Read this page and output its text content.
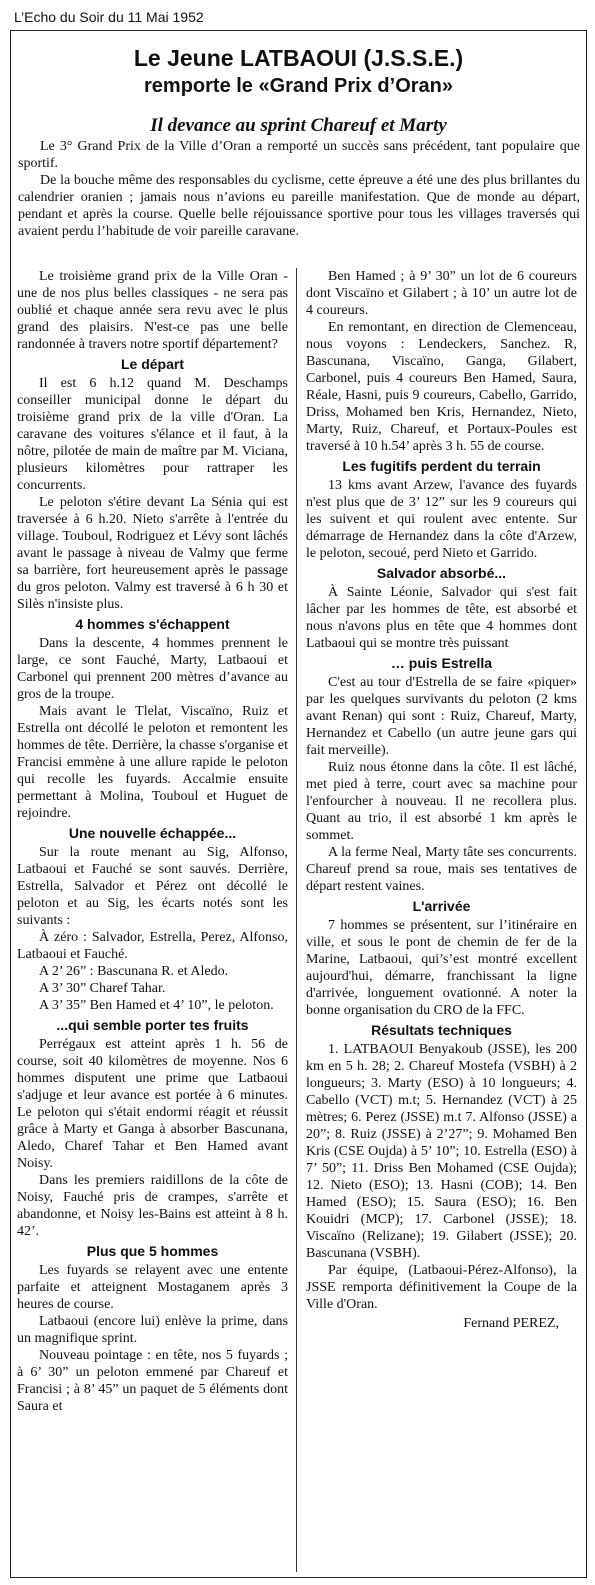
L’Echo du Soir du 11 Mai 1952
Le Jeune LATBAOUI (J.S.S.E.)
remporte le «Grand Prix d’Oran»
Il devance au sprint Chareuf et Marty

Le 3° Grand Prix de la Ville d’Oran a remporté un succès sans précédent, tant populaire que sportif.

De la bouche même des responsables du cyclisme, cette épreuve a été une des plus brillantes du calendrier oranien ; jamais nous n’avions eu pareille manifestation. Que de monde au départ, pendant et après la course. Quelle belle réjouissance sportive pour tous les villages traversés qui avaient perdu l’habitude de voir pareille caravane.

Le troisième grand prix de la Ville Oran - une de nos plus belles classiques - ne sera pas oublié et chaque année sera revu avec le plus grand des plaisirs. N'est-ce pas une belle randonnée à travers notre sportif département?

Le départ

Il est 6 h.12 quand M. Deschamps conseiller municipal donne le départ du troisième grand prix de la ville d'Oran. La caravane des voitures s'élance et il faut, à la nôtre, pilotée de main de maître par M. Viciana, plusieurs kilomètres pour rattraper les concurrents.

Le peloton s'étire devant La Sénia qui est traversée à 6 h.20. Nieto s'arrête à l'entrée du village. Touboul, Rodriguez et Lévy sont lâchés avant le passage à niveau de Valmy que ferme sa barrière, fort heureusement après le passage du gros peloton. Valmy est traversé à 6 h 30 et Silès n'insiste plus.

4 hommes s'échappent

Dans la descente, 4 hommes prennent le large, ce sont Fauché, Marty, Latbaoui et Carbonel qui prennent 200 mètres d’avance au gros de la troupe.

Mais avant le Tlelat, Viscaïno, Ruiz et Estrella ont décollé le peloton et remontent les hommes de tête. Derrière, la chasse s'organise et Francisi emmène à une allure rapide le peloton qui recolle les fuyards. Accalmie ensuite permettant à Molina, Touboul et Huguet de rejoindre.

Une nouvelle échappée...

Sur la route menant au Sig, Alfonso, Latbaoui et Fauché se sont sauvés. Derrière, Estrella, Salvador et Pérez ont décollé le peloton et au Sig, les écarts notés sont les suivants :

À zéro : Salvador, Estrella, Perez, Alfonso, Latbaoui et Fauché.

A 2’ 26” : Bascunana R. et Aledo.

A 3’ 30” Charef Tahar.

A 3’ 35” Ben Hamed et 4’ 10”, le peloton.

...qui semble porter tes fruits

Perrégaux est atteint après 1 h. 56 de course, soit 40 kilomètres de moyenne. Nos 6 hommes disputent une prime que Latbaoui s'adjuge et leur avance est portée à 6 minutes. Le peloton qui s'était endormi réagit et réussit grâce à Marty et Ganga à absorber Bascunana, Aledo, Charef Tahar et Ben Hamed avant Noisy.

Dans les premiers raidillons de la côte de Noisy, Fauché pris de crampes, s'arrête et abandonne, et Noisy les-Bains est atteint à 8 h. 42’.

Plus que 5 hommes

Les fuyards se relayent avec une entente parfaite et atteignent Mostaganem après 3 heures de course.

Latbaoui (encore lui) enlève la prime, dans un magnifique sprint.

Nouveau pointage : en tête, nos 5 fuyards ; à 6’ 30” un peloton emmené par Chareuf et Francisi ; à 8’ 45” un paquet de 5 éléments dont Saura et

Ben Hamed ; à 9’ 30” un lot de 6 coureurs dont Viscaïno et Gilabert ; à 10’ un autre lot de 4 coureurs.

En remontant, en direction de Clemenceau, nous voyons : Lendeckers, Sanchez. R, Bascunana, Viscaïno, Ganga, Gilabert, Carbonel, puis 4 coureurs Ben Hamed, Saura, Réale, Hasni, puis 9 coureurs, Cabello, Garrido, Driss, Mohamed ben Kris, Hernandez, Nieto, Marty, Ruiz, Chareuf, et Portaux-Poules est traversé à 10 h.54’ après 3 h. 55 de course.

Les fugitifs perdent du terrain

13 kms avant Arzew, l'avance des fuyards n'est plus que de 3’ 12” sur les 9 coureurs qui les suivent et qui roulent avec entente. Sur démarrage de Hernandez dans la côte d'Arzew, le peloton, secoué, perd Nieto et Garrido.

Salvador absorbé...

À Sainte Léonie, Salvador qui s'est fait lâcher par les hommes de tête, est absorbé et nous n'avons plus en tête que 4 hommes dont Latbaoui qui se montre très puissant

… puis Estrella

C'est au tour d'Estrella de se faire «piquer» par les quelques survivants du peloton (2 kms avant Renan) qui sont : Ruiz, Chareuf, Marty, Hernandez et Cabello (un autre jeune gars qui fait merveille).

Ruiz nous étonne dans la côte. Il est lâché, met pied à terre, court avec sa machine pour l'enfourcher à nouveau. Il ne recollera plus. Quant au trio, il est absorbé 1 km après le sommet.

A la ferme Neal, Marty tâte ses concurrents. Chareuf prend sa roue, mais ses tentatives de départ restent vaines.

L'arrivée

7 hommes se présentent, sur l’itinéraire en ville, et sous le pont de chemin de fer de la Marine, Latbaoui, qui’s’est montré excellent aujourd'hui, démarre, franchissant la ligne d'arrivée, longuement ovationné. A noter la bonne organisation du CRO de la FFC.

Résultats techniques

1. LATBAOUI Benyakoub (JSSE), les 200 km en 5 h. 28; 2. Chareuf Mostefa (VSBH) à 2 longueurs; 3. Marty (ESO) à 10 longueurs; 4. Cabello (VCT) m.t; 5. Hernandez (VCT) à 25 mètres; 6. Perez (JSSE) m.t 7. Alfonso (JSSE) a 20”; 8. Ruiz (JSSE) à 2’27”; 9. Mohamed Ben Kris (CSE Oujda) à 5’ 10”; 10. Estrella (ESO) à 7’ 50”; 11. Driss Ben Mohamed (CSE Oujda); 12. Nieto (ESO); 13. Hasni (COB); 14. Ben Hamed (ESO); 15. Saura (ESO); 16. Ben Kouidri (MCP); 17. Carbonel (JSSE); 18. Viscaïno (Relizane); 19. Gilabert (JSSE); 20. Bascunana (VSBH).

Par équipe, (Latbaoui-Pérez-Alfonso), la JSSE remporta définitivement la Coupe de la Ville d'Oran.

Fernand PEREZ,
